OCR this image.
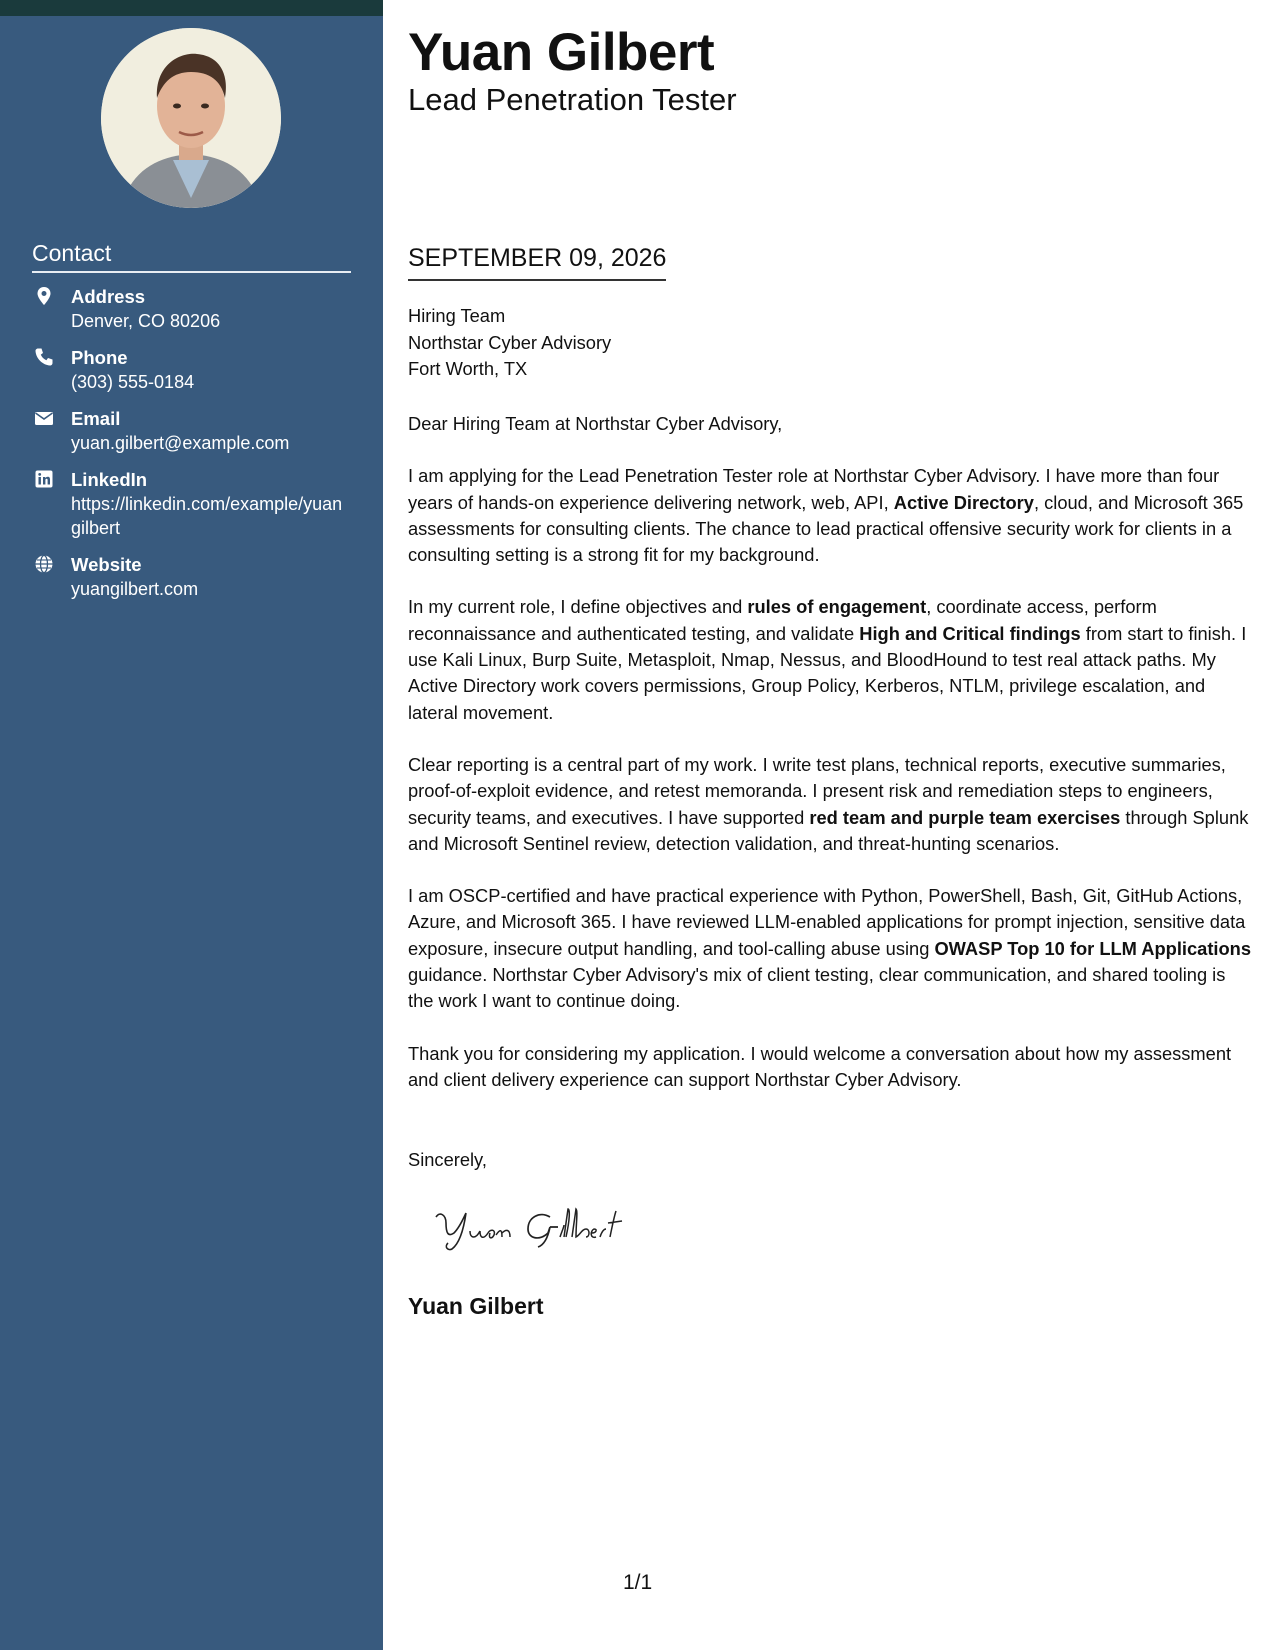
Contact
Address
Denver, CO 80206
Phone
(303) 555-0184
Email
yuan.gilbert@example.com
LinkedIn
https://linkedin.com/example/yuangilbert
Website
yuangilbert.com
Yuan Gilbert
Lead Penetration Tester
SEPTEMBER 09, 2026
Hiring Team
Northstar Cyber Advisory
Fort Worth, TX

Dear Hiring Team at Northstar Cyber Advisory,

I am applying for the Lead Penetration Tester role at Northstar Cyber Advisory. I have more than four years of hands-on experience delivering network, web, API, Active Directory, cloud, and Microsoft 365 assessments for consulting clients. The chance to lead practical offensive security work for clients in a consulting setting is a strong fit for my background.

In my current role, I define objectives and rules of engagement, coordinate access, perform reconnaissance and authenticated testing, and validate High and Critical findings from start to finish. I use Kali Linux, Burp Suite, Metasploit, Nmap, Nessus, and BloodHound to test real attack paths. My Active Directory work covers permissions, Group Policy, Kerberos, NTLM, privilege escalation, and lateral movement.

Clear reporting is a central part of my work. I write test plans, technical reports, executive summaries, proof-of-exploit evidence, and retest memoranda. I present risk and remediation steps to engineers, security teams, and executives. I have supported red team and purple team exercises through Splunk and Microsoft Sentinel review, detection validation, and threat-hunting scenarios.

I am OSCP-certified and have practical experience with Python, PowerShell, Bash, Git, GitHub Actions, Azure, and Microsoft 365. I have reviewed LLM-enabled applications for prompt injection, sensitive data exposure, insecure output handling, and tool-calling abuse using OWASP Top 10 for LLM Applications guidance. Northstar Cyber Advisory's mix of client testing, clear communication, and shared tooling is the work I want to continue doing.

Thank you for considering my application. I would welcome a conversation about how my assessment and client delivery experience can support Northstar Cyber Advisory.

Sincerely,
Yuan Gilbert
1/1
